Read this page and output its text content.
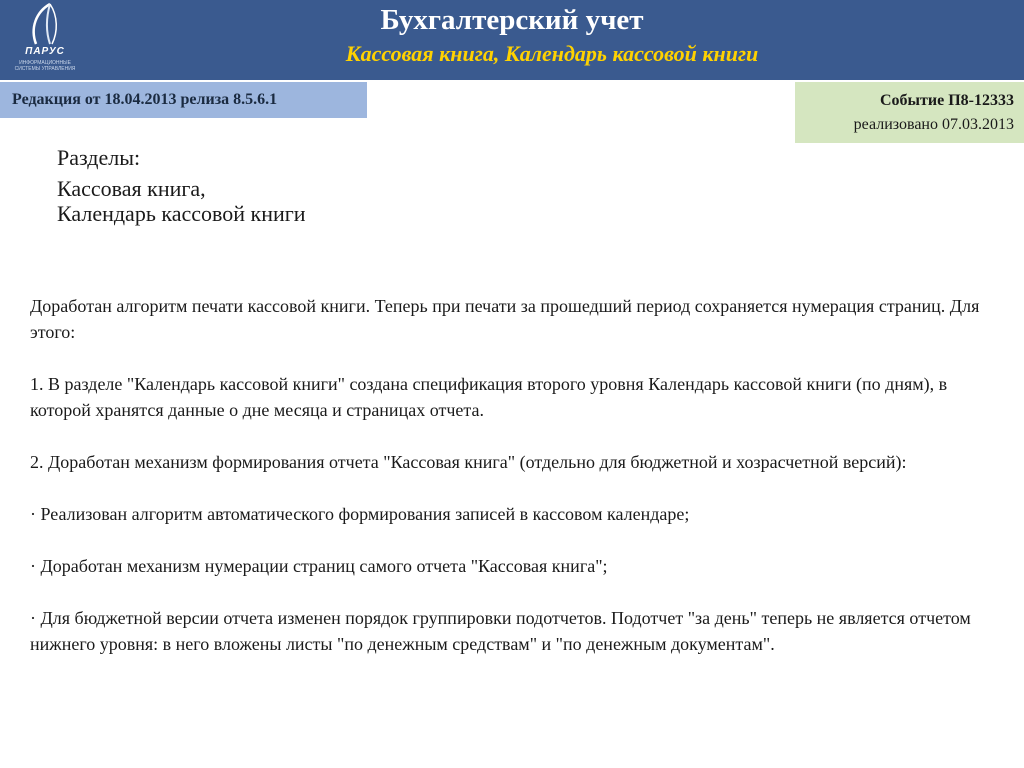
ПАРУС
ИНФОРМАЦИОННЫЕ СИСТЕМЫ УПРАВЛЕНИЯ
Бухгалтерский учет
Кассовая книга, Календарь кассовой книги
Редакция от 18.04.2013 релиза 8.5.6.1	Событие П8-12333
реализовано 07.03.2013
Разделы:
Кассовая книга,
Календарь кассовой книги

Доработан алгоритм печати кассовой книги. Теперь при печати за прошедший период сохраняется нумерация страниц. Для этого:

1. В разделе "Календарь кассовой книги" создана спецификация второго уровня Календарь кассовой книги (по дням), в которой хранятся данные о дне месяца и страницах отчета.

2. Доработан механизм формирования отчета "Кассовая книга" (отдельно для бюджетной и хозрасчетной версий):

· Реализован алгоритм автоматического формирования записей в кассовом календаре;

· Доработан механизм нумерации страниц самого отчета "Кассовая книга";

· Для бюджетной версии отчета изменен порядок группировки подотчетов. Подотчет "за день" теперь не является отчетом нижнего уровня: в него вложены листы "по денежным средствам" и "по денежным документам".
